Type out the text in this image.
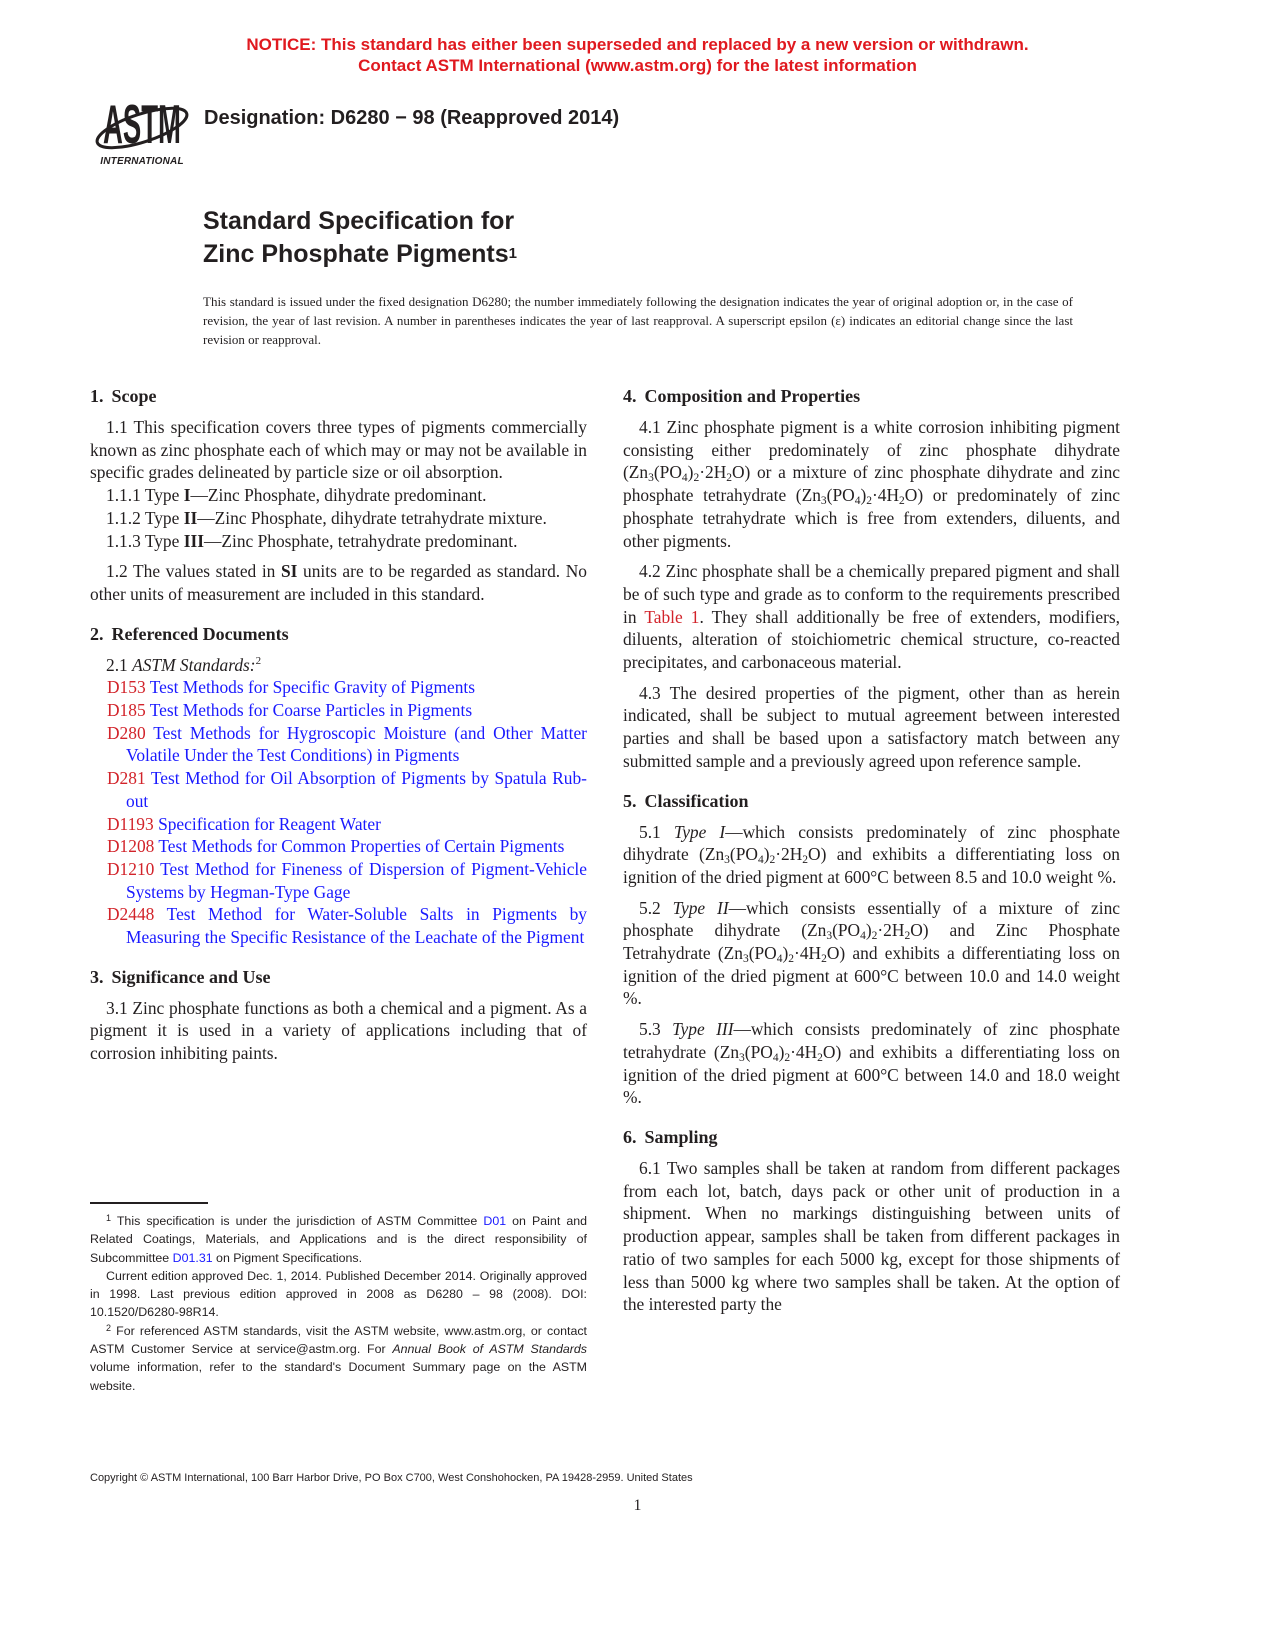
NOTICE: This standard has either been superseded and replaced by a new version or withdrawn.
Contact ASTM International (www.astm.org) for the latest information
ASTM
INTERNATIONAL
Designation: D6280 − 98 (Reapproved 2014)
Standard Specification for
Zinc Phosphate Pigments$^1$
This standard is issued under the fixed designation D6280; the number immediately following the designation indicates the year of original adoption or, in the case of revision, the year of last revision. A number in parentheses indicates the year of last reapproval. A superscript epsilon (ε) indicates an editorial change since the last revision or reapproval.
1. Scope

1.1 This specification covers three types of pigments commercially known as zinc phosphate each of which may or may not be available in specific grades delineated by particle size or oil absorption.

1.1.1 Type I—Zinc Phosphate, dihydrate predominant.

1.1.2 Type II—Zinc Phosphate, dihydrate tetrahydrate mixture.

1.1.3 Type III—Zinc Phosphate, tetrahydrate predominant.

1.2 The values stated in SI units are to be regarded as standard. No other units of measurement are included in this standard.

2. Referenced Documents

2.1 ASTM Standards:$^2$

D153 Test Methods for Specific Gravity of Pigments

D185 Test Methods for Coarse Particles in Pigments

D280 Test Methods for Hygroscopic Moisture (and Other Matter Volatile Under the Test Conditions) in Pigments

D281 Test Method for Oil Absorption of Pigments by Spatula Rub-out

D1193 Specification for Reagent Water

D1208 Test Methods for Common Properties of Certain Pigments

D1210 Test Method for Fineness of Dispersion of Pigment-Vehicle Systems by Hegman-Type Gage

D2448 Test Method for Water-Soluble Salts in Pigments by Measuring the Specific Resistance of the Leachate of the Pigment

3. Significance and Use

3.1 Zinc phosphate functions as both a chemical and a pigment. As a pigment it is used in a variety of applications including that of corrosion inhibiting paints.

4. Composition and Properties

4.1 Zinc phosphate pigment is a white corrosion inhibiting pigment consisting either predominately of zinc phosphate dihydrate $(Zn_3(PO_4)_2\cdot 2H_2O)$ or a mixture of zinc phosphate dihydrate and zinc phosphate tetrahydrate $(Zn_3(PO_4)_2\cdot 4H_2O)$ or predominately of zinc phosphate tetrahydrate which is free from extenders, diluents, and other pigments.

4.2 Zinc phosphate shall be a chemically prepared pigment and shall be of such type and grade as to conform to the requirements prescribed in Table 1. They shall additionally be free of extenders, modifiers, diluents, alteration of stoichiometric chemical structure, co-reacted precipitates, and carbonaceous material.

4.3 The desired properties of the pigment, other than as herein indicated, shall be subject to mutual agreement between interested parties and shall be based upon a satisfactory match between any submitted sample and a previously agreed upon reference sample.

5. Classification

5.1 Type I—which consists predominately of zinc phosphate dihydrate $(Zn_3(PO_4)_2\cdot 2H_2O)$ and exhibits a differentiating loss on ignition of the dried pigment at 600°C between 8.5 and 10.0 weight %.

5.2 Type II—which consists essentially of a mixture of zinc phosphate dihydrate $(Zn_3(PO_4)_2\cdot 2H_2O)$ and Zinc Phosphate Tetrahydrate $(Zn_3(PO_4)_2\cdot 4H_2O)$ and exhibits a differentiating loss on ignition of the dried pigment at 600°C between 10.0 and 14.0 weight %.

5.3 Type III—which consists predominately of zinc phosphate tetrahydrate $(Zn_3(PO_4)_2\cdot 4H_2O)$ and exhibits a differentiating loss on ignition of the dried pigment at 600°C between 14.0 and 18.0 weight %.

6. Sampling

6.1 Two samples shall be taken at random from different packages from each lot, batch, days pack or other unit of production in a shipment. When no markings distinguishing between units of production appear, samples shall be taken from different packages in ratio of two samples for each 5000 kg, except for those shipments of less than 5000 kg where two samples shall be taken. At the option of the interested party the

$^1$ This specification is under the jurisdiction of ASTM Committee D01 on Paint and Related Coatings, Materials, and Applications and is the direct responsibility of Subcommittee D01.31 on Pigment Specifications.

Current edition approved Dec. 1, 2014. Published December 2014. Originally approved in 1998. Last previous edition approved in 2008 as D6280 – 98 (2008). DOI: 10.1520/D6280-98R14.

$^2$ For referenced ASTM standards, visit the ASTM website, www.astm.org, or contact ASTM Customer Service at service@astm.org. For Annual Book of ASTM Standards volume information, refer to the standard's Document Summary page on the ASTM website.

Copyright © ASTM International, 100 Barr Harbor Drive, PO Box C700, West Conshohocken, PA 19428-2959. United States
1
